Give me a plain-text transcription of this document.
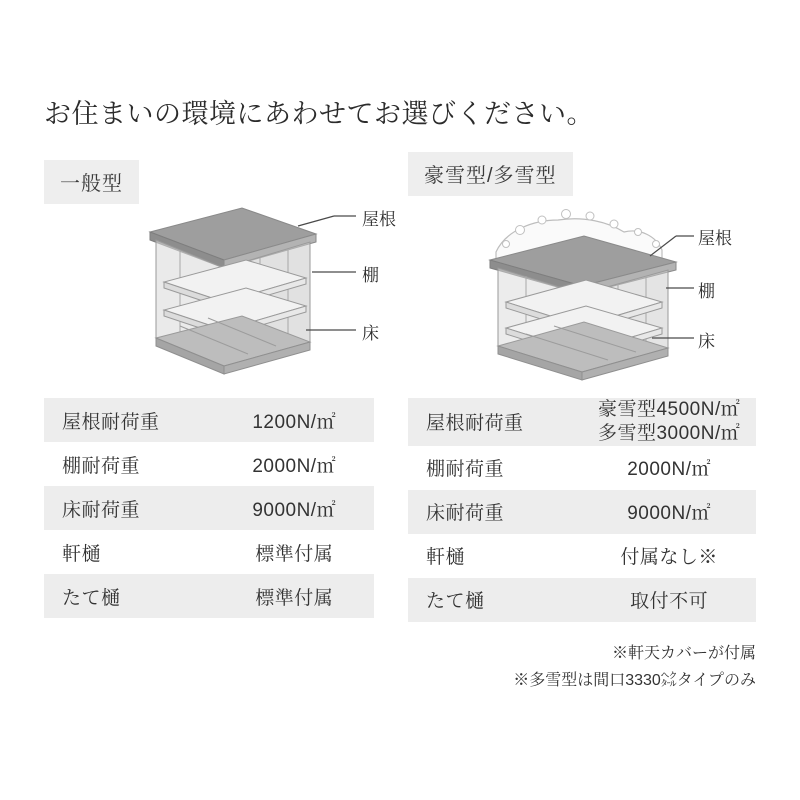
お住まいの環境にあわせてお選びください。
一般型
屋根
棚
床
屋根耐荷重	1200N/㎡
棚耐荷重	2000N/㎡
床耐荷重	9000N/㎡
軒樋	標準付属
たて樋	標準付属
豪雪型/多雪型
屋根
棚
床
屋根耐荷重	豪雪型4500N/㎡
多雪型3000N/㎡

棚耐荷重	2000N/㎡
床耐荷重	9000N/㎡
軒樋	付属なし※
たて樋	取付不可
※軒天カバーが付属
※多雪型は間口3330㌶タイプのみ
